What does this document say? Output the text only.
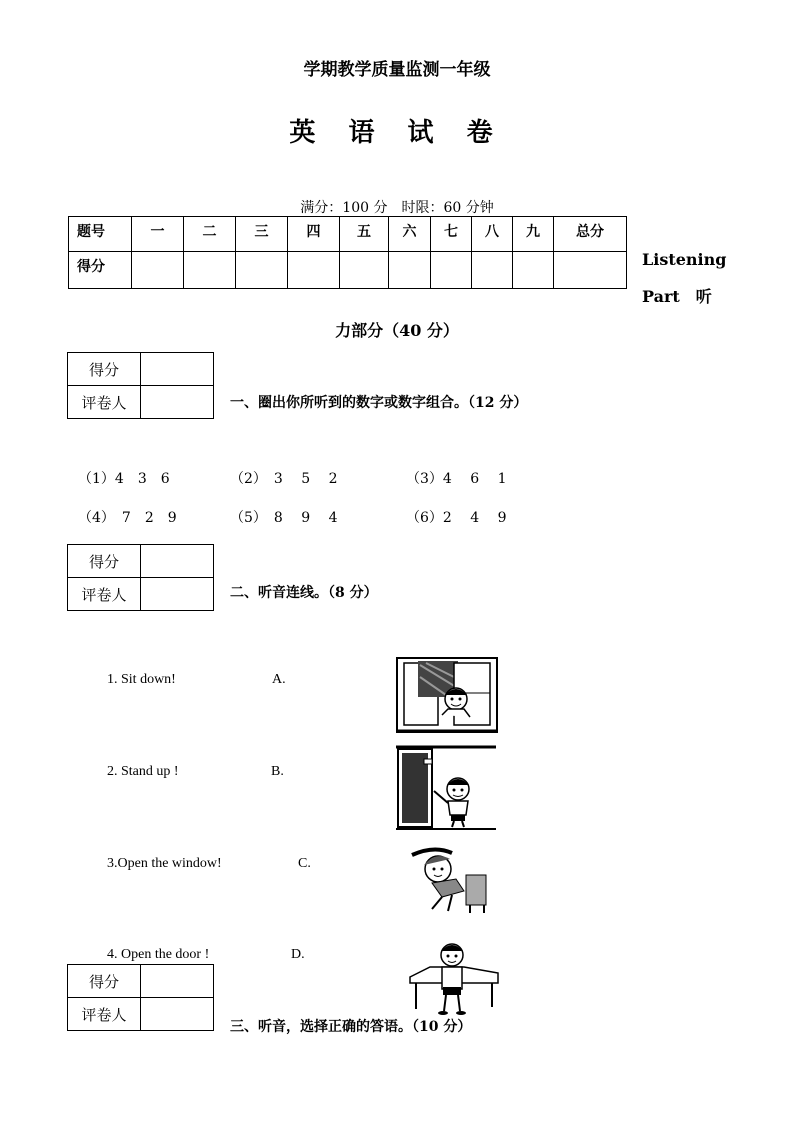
学期教学质量监测一年级
英 语 试 卷
满分：100 分　时限：60 分钟
题号	一	二	三	四	五	六	七	八	九	总分
得分											Listening
Part　听
力部分（40 分）
得分	
评卷人		一、圈出你所听到的数字或数字组合。（12 分）
（1）4　3　6	（2）　3　 5　 2	（3）4　 6　 1
（4）　7　2　9	（5）　8　 9　 4	（6）2　 4　 9
得分	
评卷人		二、听音连线。（8 分）
1. Sit down!	A.
2. Stand up !	B.
3.Open the window!	C.
4. Open the door !	D.
得分	
评卷人	
三、听音，选择正确的答语。（10 分）
